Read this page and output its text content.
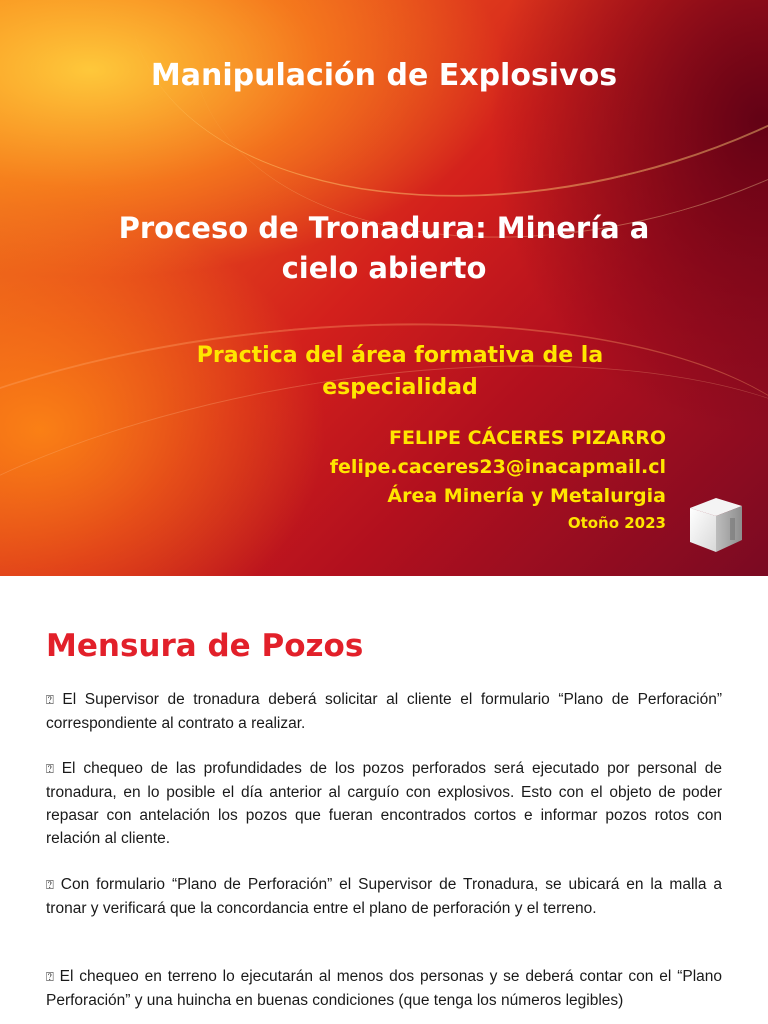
Manipulación de Explosivos
Proceso de Tronadura: Minería a
cielo abierto
Practica del área formativa de la
especialidad
FELIPE CÁCERES PIZARRO
felipe.caceres23@inacapmail.cl
Área Minería y Metalurgia
Otoño 2023
Mensura de Pozos
⍰ El Supervisor de tronadura deberá solicitar al cliente el formulario “Plano de Perforación” correspondiente al contrato a realizar.
⍰ El chequeo de las profundidades de los pozos perforados será ejecutado por personal de tronadura, en lo posible el día anterior al carguío con explosivos. Esto con el objeto de poder repasar con antelación los pozos que fueran encontrados cortos e informar pozos rotos con relación al cliente.
⍰ Con formulario “Plano de Perforación” el Supervisor de Tronadura, se ubicará en la malla a tronar y verificará que la concordancia entre el plano de perforación y el terreno.
⍰ El chequeo en terreno lo ejecutarán al menos dos personas y se deberá contar con el “Plano Perforación” y una huincha en buenas condiciones (que tenga los números legibles)
